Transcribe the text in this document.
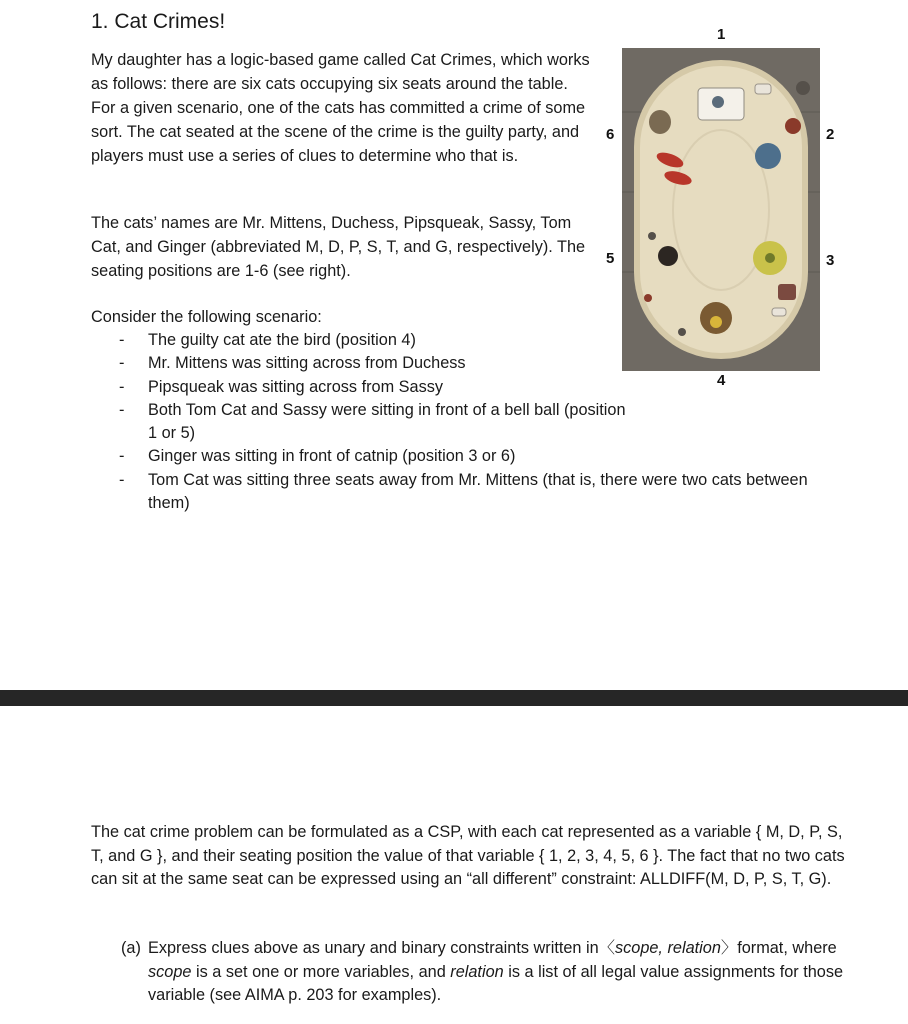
1. Cat Crimes!

My daughter has a logic-based game called Cat Crimes, which works as follows: there are six cats occupying six seats around the table. For a given scenario, one of the cats has committed a crime of some sort. The cat seated at the scene of the crime is the guilty party, and players must use a series of clues to determine who that is.

The cats’ names are Mr. Mittens, Duchess, Pipsqueak, Sassy, Tom Cat, and Ginger (abbreviated M, D, P, S, T, and G, respectively). The seating positions are 1-6 (see right).

Consider the following scenario:

- The guilty cat ate the bird (position 4)
- Mr. Mittens was sitting across from Duchess
- Pipsqueak was sitting across from Sassy
- Both Tom Cat and Sassy were sitting in front of a bell ball (position 1 or 5)
- Ginger was sitting in front of catnip (position 3 or 6)
- Tom Cat was sitting three seats away from Mr. Mittens (that is, there were two cats between them)
1
2
3
4
5
6

The cat crime problem can be formulated as a CSP, with each cat represented as a variable { M, D, P, S, T, and G }, and their seating position the value of that variable { 1, 2, 3, 4, 5, 6 }. The fact that no two cats can sit at the same seat can be expressed using an “all different” constraint: ALLDIFF(M, D, P, S, T, G).

(a) Express clues above as unary and binary constraints written in〈scope, relation〉format, where scope is a set one or more variables, and relation is a list of all legal value assignments for those variable (see AIMA p. 203 for examples).
